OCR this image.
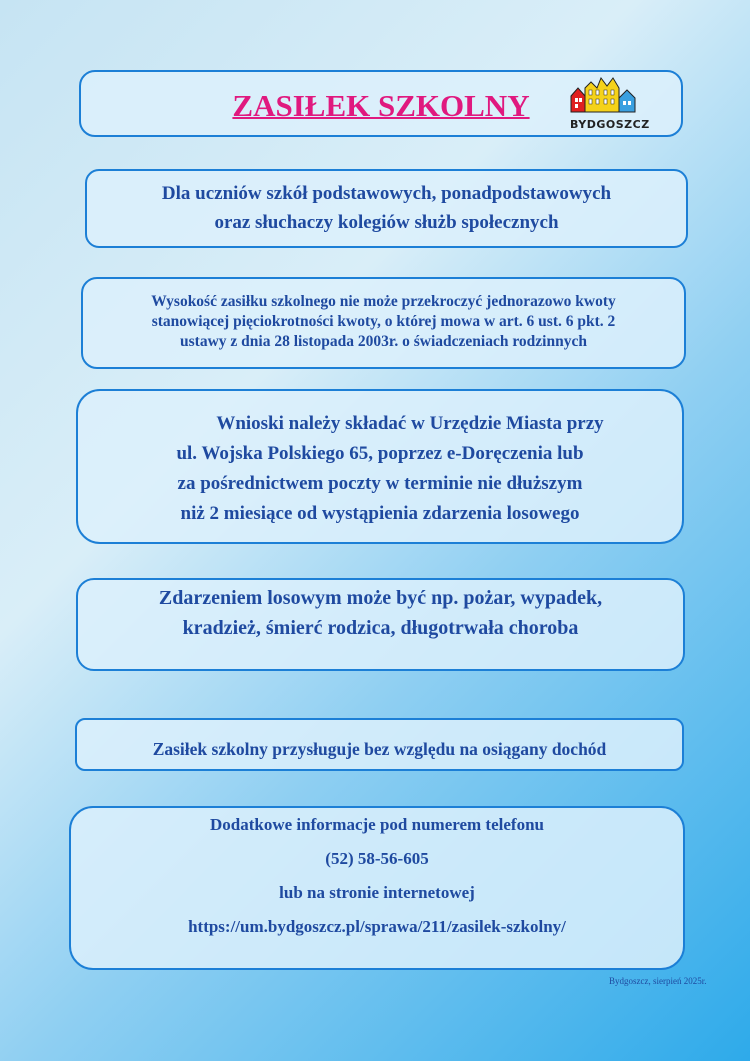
ZASIŁEK SZKOLNY
BYDGOSZCZ
Dla uczniów szkół podstawowych, ponadpodstawowych
oraz słuchaczy kolegiów służb społecznych
Wysokość zasiłku szkolnego nie może przekroczyć jednorazowo kwoty
stanowiącej pięciokrotności kwoty, o której mowa w art. 6 ust. 6 pkt. 2
ustawy z dnia 28 listopada 2003r. o świadczeniach rodzinnych
Wnioski należy składać w Urzędzie Miasta przy
ul. Wojska Polskiego 65, poprzez e-Doręczenia lub
za pośrednictwem poczty w terminie nie dłuższym
niż 2 miesiące od wystąpienia zdarzenia losowego
Zdarzeniem losowym może być np. pożar, wypadek,
kradzież, śmierć rodzica, długotrwała choroba
Zasiłek szkolny przysługuje bez względu na osiągany dochód
Dodatkowe informacje pod numerem telefonu
(52) 58-56-605
lub na stronie internetowej
https://um.bydgoszcz.pl/sprawa/211/zasilek-szkolny/
Bydgoszcz, sierpień 2025r.
